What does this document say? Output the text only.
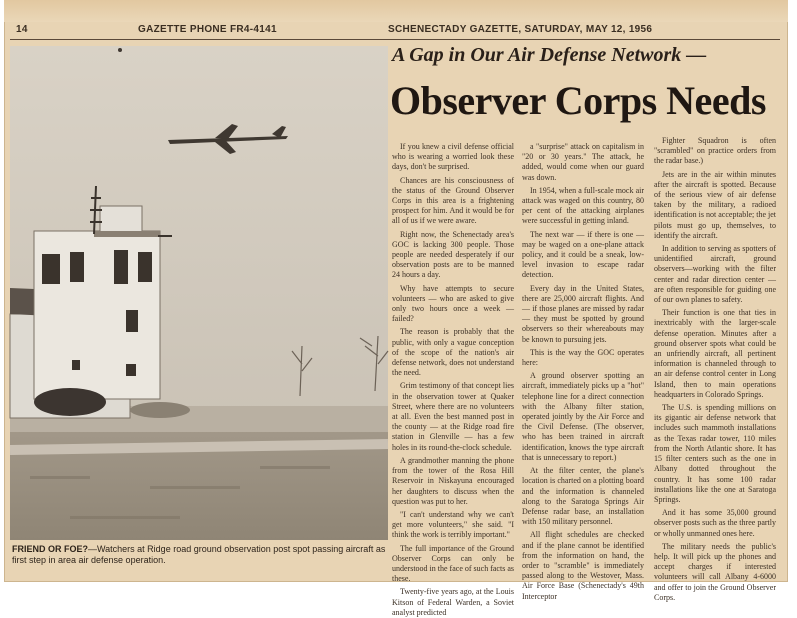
14	GAZETTE PHONE FR4-4141	SCHENECTADY GAZETTE, SATURDAY, MAY 12, 1956
FRIEND OR FOE?—Watchers at Ridge road ground observation post spot passing aircraft as first step in area air defense operation.
A Gap in Our Air Defense Network —
Observer Corps Needs

If you knew a civil defense official who is wearing a worried look these days, don't be surprised.

Chances are his consciousness of the status of the Ground Observer Corps in this area is a frightening prospect for him. And it would be for all of us if we were aware.

Right now, the Schenectady area's GOC is lacking 300 people. Those people are needed desperately if our observation posts are to be manned 24 hours a day.

Why have attempts to secure volunteers — who are asked to give only two hours once a week — failed?

The reason is probably that the public, with only a vague conception of the scope of the nation's air defense network, does not understand the need.

Grim testimony of that concept lies in the observation tower at Quaker Street, where there are no volunteers at all. Even the best manned post in the county — at the Ridge road fire station in Glenville — has a few holes in its round-the-clock schedule.

A grandmother manning the phone from the tower of the Rosa Hill Reservoir in Niskayuna encouraged her daughters to discuss when the question was put to her.

"I can't understand why we can't get more volunteers," she said. "I think the work is terribly important."

The full importance of the Ground Observer Corps can only be understood in the face of such facts as these.

Twenty-five years ago, at the Louis Kitson of Federal Warden, a Soviet analyst predicted

a "surprise" attack on capitalism in "20 or 30 years." The attack, he added, would come when our guard was down.

In 1954, when a full-scale mock air attack was waged on this country, 80 per cent of the attacking airplanes were successful in getting inland.

The next war — if there is one — may be waged on a one-plane attack policy, and it could be a sneak, low-level invasion to escape radar detection.

Every day in the United States, there are 25,000 aircraft flights. And — if those planes are missed by radar — they must be spotted by ground observers so their whereabouts may be known to pursuing jets.

This is the way the GOC operates here:

A ground observer spotting an aircraft, immediately picks up a "hot" telephone line for a direct connection with the Albany filter station, operated jointly by the Air Force and the Civil Defense. (The observer, who has been trained in aircraft identification, knows the type aircraft that is unnecessary to report.)

At the filter center, the plane's location is charted on a plotting board and the information is channeled along to the Saratoga Springs Air Defense radar base, an installation with 150 military personnel.

All flight schedules are checked and if the plane cannot be identified from the information on hand, the order to "scramble" is immediately passed along to the Westover, Mass. Air Force Base (Schenectady's 49th Interceptor

Fighter Squadron is often "scrambled" on practice orders from the radar base.)

Jets are in the air within minutes after the aircraft is spotted. Because of the serious view of air defense taken by the military, a radioed identification is not acceptable; the jet pilots must go up, themselves, to identify the aircraft.

In addition to serving as spotters of unidentified aircraft, ground observers—working with the filter center and radar direction center — are often responsible for guiding one of our own planes to safety.

Their function is one that ties in inextricably with the larger-scale defense operation. Minutes after a ground observer spots what could be an unfriendly aircraft, all pertinent information is channeled through to an air defense control center in Long Island, then to main operations headquarters in Colorado Springs.

The U.S. is spending millions on its gigantic air defense network that includes such mammoth installations as the Texas radar tower, 110 miles from the North Atlantic shore. It has 15 filter centers such as the one in Albany dotted throughout the country. It has some 100 radar installations like the one at Saratoga Springs.

And it has some 35,000 ground observer posts such as the three partly or wholly unmanned ones here.

The military needs the public's help. It will pick up the phones and accept charges if interested volunteers will call Albany 4-6000 and offer to join the Ground Observer Corps.
